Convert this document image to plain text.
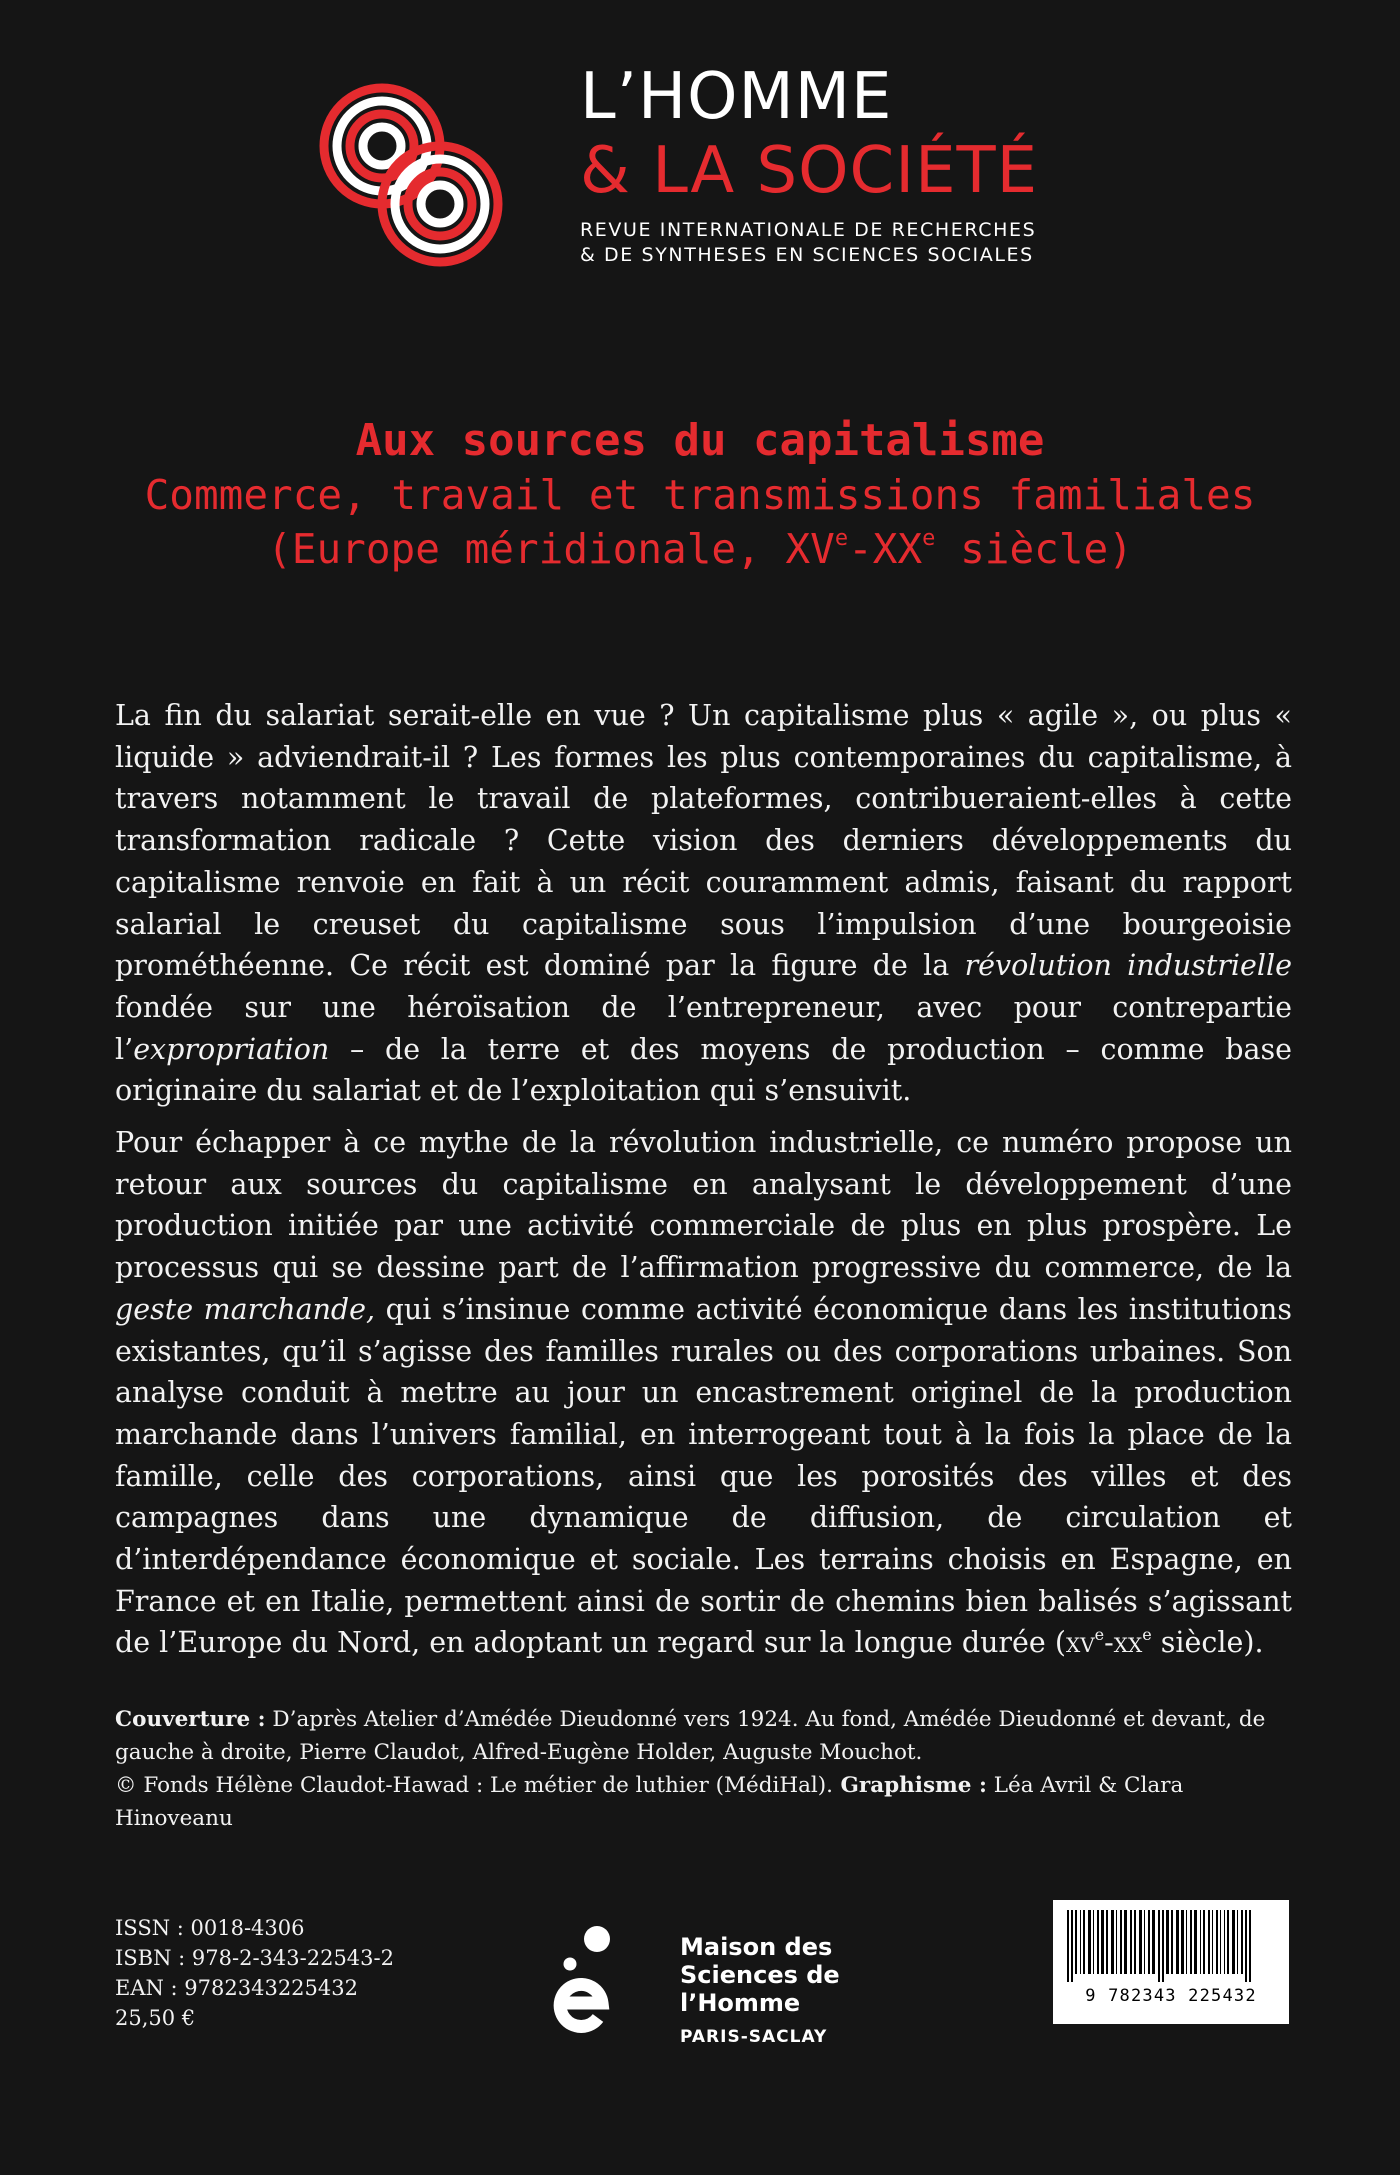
L’HOMME
& LA SOCIÉTÉ
REVUE INTERNATIONALE DE RECHERCHES
& DE SYNTHESES EN SCIENCES SOCIALES
Aux sources du capitalisme
Commerce, travail et transmissions familiales
(Europe méridionale, XVe-XXe siècle)

La fin du salariat serait-elle en vue ? Un capitalisme plus « agile », ou plus « liquide » adviendrait-il ? Les formes les plus contemporaines du capitalisme, à travers notamment le travail de plateformes, contribueraient-elles à cette transformation radicale ? Cette vision des derniers développements du capitalisme renvoie en fait à un récit couramment admis, faisant du rapport salarial le creuset du capitalisme sous l’impulsion d’une bourgeoisie prométhéenne. Ce récit est dominé par la figure de la révolution industrielle fondée sur une héroïsation de l’entrepreneur, avec pour contrepartie l’expropriation – de la terre et des moyens de production – comme base originaire du salariat et de l’exploitation qui s’ensuivit.

Pour échapper à ce mythe de la révolution industrielle, ce numéro propose un retour aux sources du capitalisme en analysant le développement d’une production initiée par une activité commerciale de plus en plus prospère. Le processus qui se dessine part de l’affirmation progressive du commerce, de la geste marchande, qui s’insinue comme activité économique dans les institutions existantes, qu’il s’agisse des familles rurales ou des corporations urbaines. Son analyse conduit à mettre au jour un encastrement originel de la production marchande dans l’univers familial, en interrogeant tout à la fois la place de la famille, celle des corporations, ainsi que les porosités des villes et des campagnes dans une dynamique de diffusion, de circulation et d’interdépendance économique et sociale. Les terrains choisis en Espagne, en France et en Italie, permettent ainsi de sortir de chemins bien balisés s’agissant de l’Europe du Nord, en adoptant un regard sur la longue durée ($xv^e-xx^e$ siècle).

Couverture : D’après Atelier d’Amédée Dieudonné vers 1924. Au fond, Amédée Dieudonné et devant, de gauche à droite, Pierre Claudot, Alfred-Eugène Holder, Auguste Mouchot.
© Fonds Hélène Claudot-Hawad : Le métier de luthier (MédiHal). Graphisme : Léa Avril & Clara Hinoveanu
ISSN : 0018-4306
ISBN : 978-2-343-22543-2
EAN : 9782343225432
25,50 €
Maison des
Sciences de
l’Homme
PARIS-SACLAY
9 782343 225432
